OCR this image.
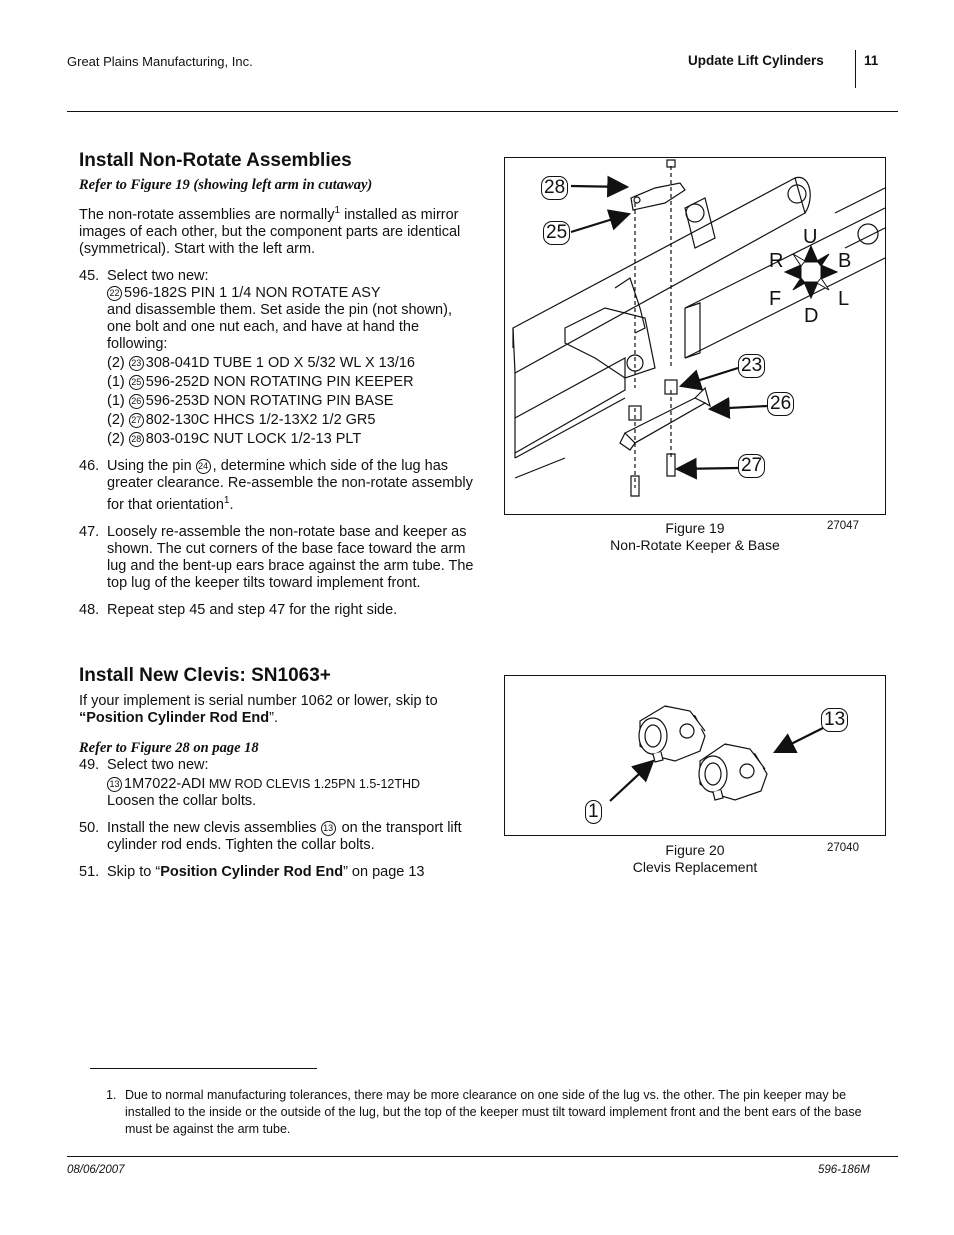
Great Plains Manufacturing, Inc.	Update Lift Cylinders	11
Install Non-Rotate Assemblies
Refer to Figure 19 (showing left arm in cutaway)

The non-rotate assemblies are normally$^1$ installed as mirror images of each other, but the component parts are identical (symmetrical). Start with the left arm.

45. Select two new:

22 596-182S PIN 1 1/4 NON ROTATE ASY

and disassemble them. Set aside the pin (not shown), one bolt and one nut each, and have at hand the following:

(2) 23 308-041D TUBE 1 OD X 5/32 WL X 13/16

(1) 25 596-252D NON ROTATING PIN KEEPER

(1) 26 596-253D NON ROTATING PIN BASE

(2) 27 802-130C HHCS 1/2-13X2 1/2 GR5

(2) 28 803-019C NUT LOCK 1/2-13 PLT

46. Using the pin 24 , determine which side of the lug has greater clearance. Re-assemble the non-rotate assembly for that orientation$^1$.

47. Loosely re-assemble the non-rotate base and keeper as shown. The cut corners of the base face toward the arm lug and the bent-up ears brace against the arm tube. The top lug of the keeper tilts toward implement front.

48. Repeat step 45 and step 47 for the right side.

Install New Clevis: SN1063+

If your implement is serial number 1062 or lower, skip to “Position Cylinder Rod End”.

Refer to Figure 28 on page 18
49. Select two new:

13 1M7022-ADI MW ROD CLEVIS 1.25PN 1.5-12THD

Loosen the collar bolts.

50. Install the new clevis assemblies 13 on the transport lift cylinder rod ends. Tighten the collar bolts.

51. Skip to “Position Cylinder Rod End” on page 13

28
25
23
26
27
U
R	B
F	L
D
Figure 19
Non-Rotate Keeper & Base
27047
13
1
Figure 20
Clevis Replacement
27040
1. Due to normal manufacturing tolerances, there may be more clearance on one side of the lug vs. the other. The pin keeper may be installed to the inside or the outside of the lug, but the top of the keeper must tilt toward implement front and the bent ears of the base must be against the arm tube.
08/06/2007	596-186M
